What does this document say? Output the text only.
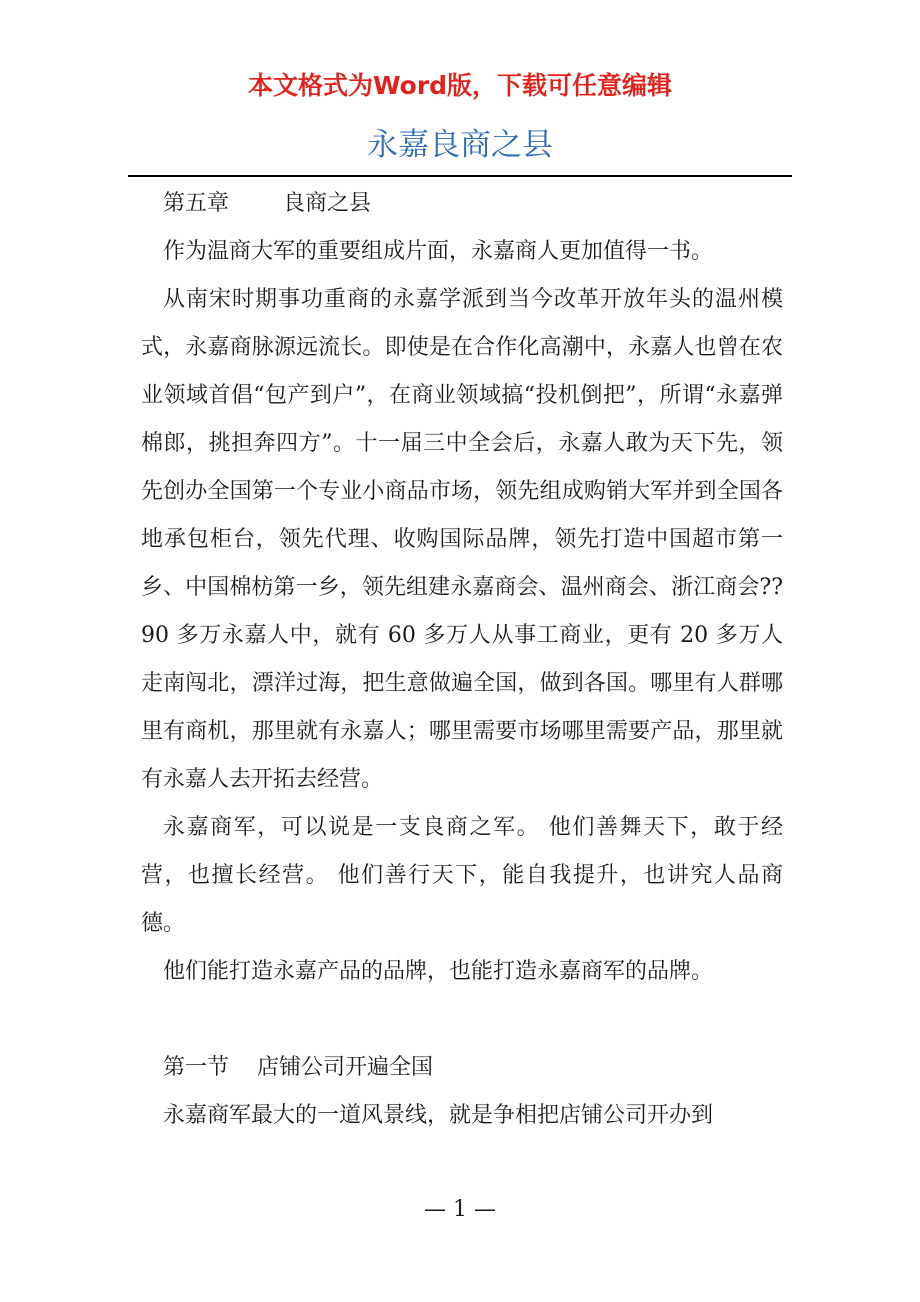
本文格式为Word版，下载可任意编辑
永嘉良商之县

第五章 良商之县

作为温商大军的重要组成片面，永嘉商人更加值得一书。

从南宋时期事功重商的永嘉学派到当今改革开放年头的温州模式，永嘉商脉源远流长。即使是在合作化高潮中，永嘉人也曾在农业领域首倡“包产到户”，在商业领域搞“投机倒把”，所谓“永嘉弹棉郎，挑担奔四方”。十一届三中全会后，永嘉人敢为天下先，领先创办全国第一个专业小商品市场，领先组成购销大军并到全国各地承包柜台，领先代理、收购国际品牌，领先打造中国超市第一乡、中国棉枋第一乡，领先组建永嘉商会、温州商会、浙江商会??90 多万永嘉人中，就有 60 多万人从事工商业，更有 20 多万人走南闯北，漂洋过海，把生意做遍全国，做到各国。哪里有人群哪里有商机，那里就有永嘉人；哪里需要市场哪里需要产品，那里就有永嘉人去开拓去经营。

永嘉商军，可以说是一支良商之军。 他们善舞天下，敢于经营，也擅长经营。 他们善行天下，能自我提升，也讲究人品商德。

他们能打造永嘉产品的品牌，也能打造永嘉商军的品牌。

第一节 店铺公司开遍全国

永嘉商军最大的一道风景线，就是争相把店铺公司开办到

— 1 —
